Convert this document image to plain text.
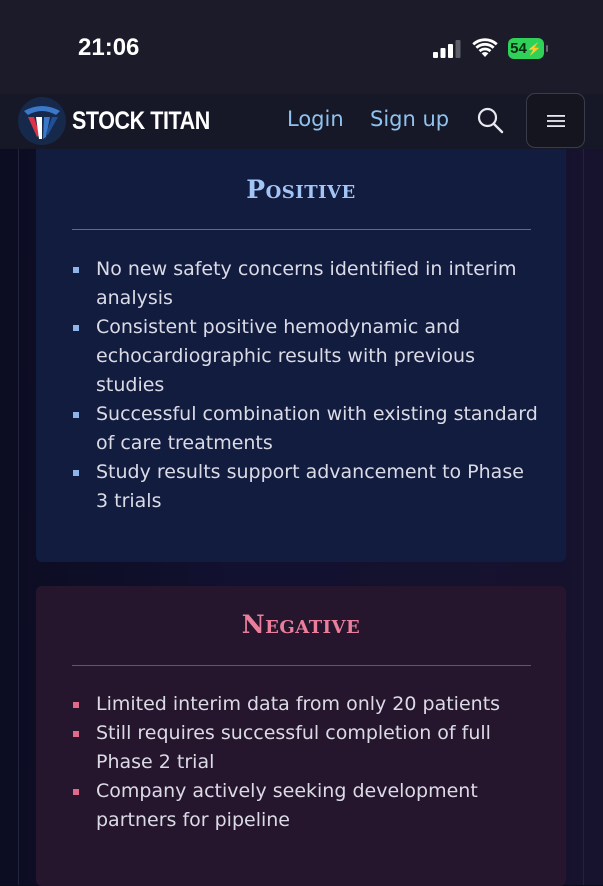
21:06	54 ⚡
STOCK TITAN	Login Sign up
Positive
No new safety concerns identified in interim analysis
Consistent positive hemodynamic and echocardiographic results with previous studies
Successful combination with existing standard of care treatments
Study results support advancement to Phase 3 trials
Negative
Limited interim data from only 20 patients
Still requires successful completion of full Phase 2 trial
Company actively seeking development partners for pipeline
